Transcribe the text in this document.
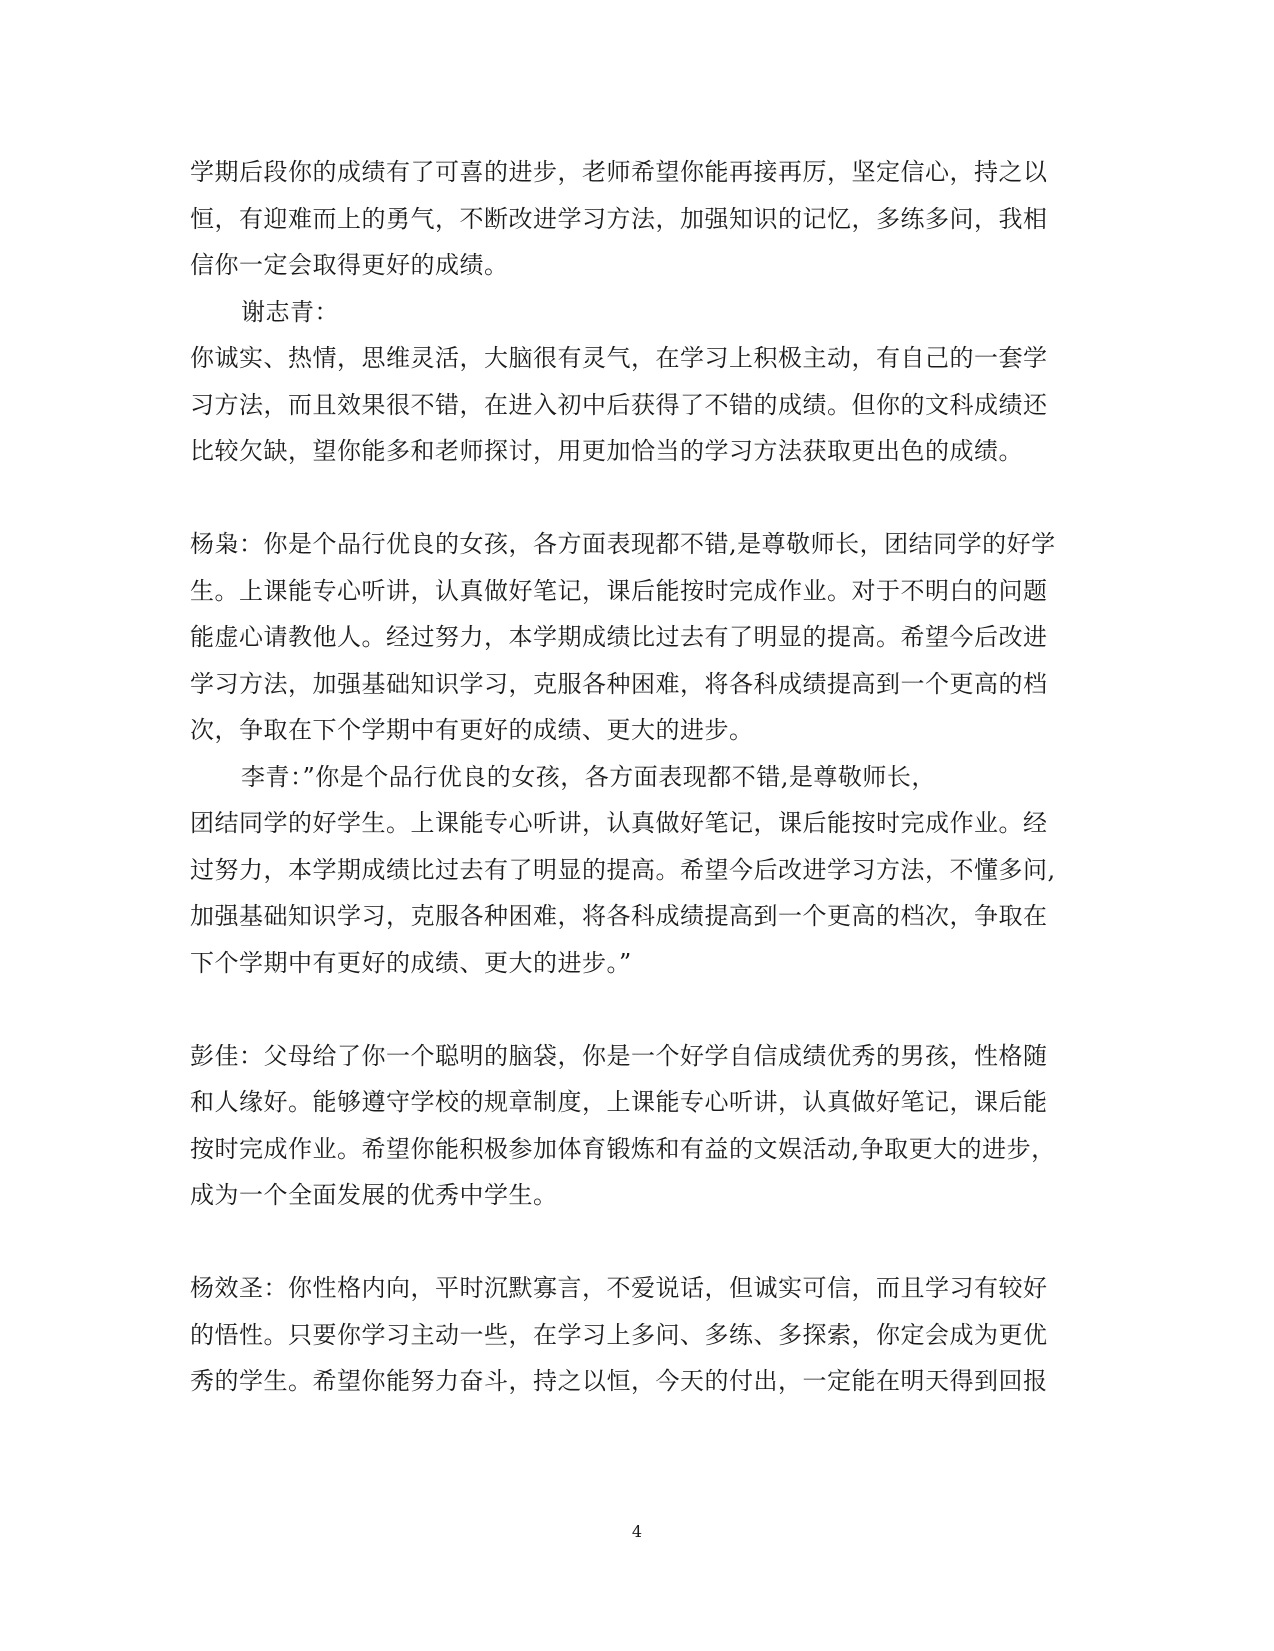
学期后段你的成绩有了可喜的进步，老师希望你能再接再厉，坚定信心，持之以
恒，有迎难而上的勇气，不断改进学习方法，加强知识的记忆，多练多问，我相
信你一定会取得更好的成绩。
谢志青：
你诚实、热情，思维灵活，大脑很有灵气，在学习上积极主动，有自己的一套学
习方法，而且效果很不错，在进入初中后获得了不错的成绩。但你的文科成绩还
比较欠缺，望你能多和老师探讨，用更加恰当的学习方法获取更出色的成绩。
杨枭：你是个品行优良的女孩，各方面表现都不错,是尊敬师长，团结同学的好学
生。上课能专心听讲，认真做好笔记，课后能按时完成作业。对于不明白的问题
能虚心请教他人。经过努力，本学期成绩比过去有了明显的提高。希望今后改进
学习方法，加强基础知识学习，克服各种困难，将各科成绩提高到一个更高的档
次，争取在下个学期中有更好的成绩、更大的进步。
李青：”你是个品行优良的女孩，各方面表现都不错,是尊敬师长，
团结同学的好学生。上课能专心听讲，认真做好笔记，课后能按时完成作业。经
过努力，本学期成绩比过去有了明显的提高。希望今后改进学习方法，不懂多问,
加强基础知识学习，克服各种困难，将各科成绩提高到一个更高的档次，争取在
下个学期中有更好的成绩、更大的进步。”
彭佳：父母给了你一个聪明的脑袋，你是一个好学自信成绩优秀的男孩，性格随
和人缘好。能够遵守学校的规章制度，上课能专心听讲，认真做好笔记，课后能
按时完成作业。希望你能积极参加体育锻炼和有益的文娱活动,争取更大的进步，
成为一个全面发展的优秀中学生。
杨效圣：你性格内向，平时沉默寡言，不爱说话，但诚实可信，而且学习有较好
的悟性。只要你学习主动一些，在学习上多问、多练、多探索，你定会成为更优
秀的学生。希望你能努力奋斗，持之以恒，今天的付出，一定能在明天得到回报
4
